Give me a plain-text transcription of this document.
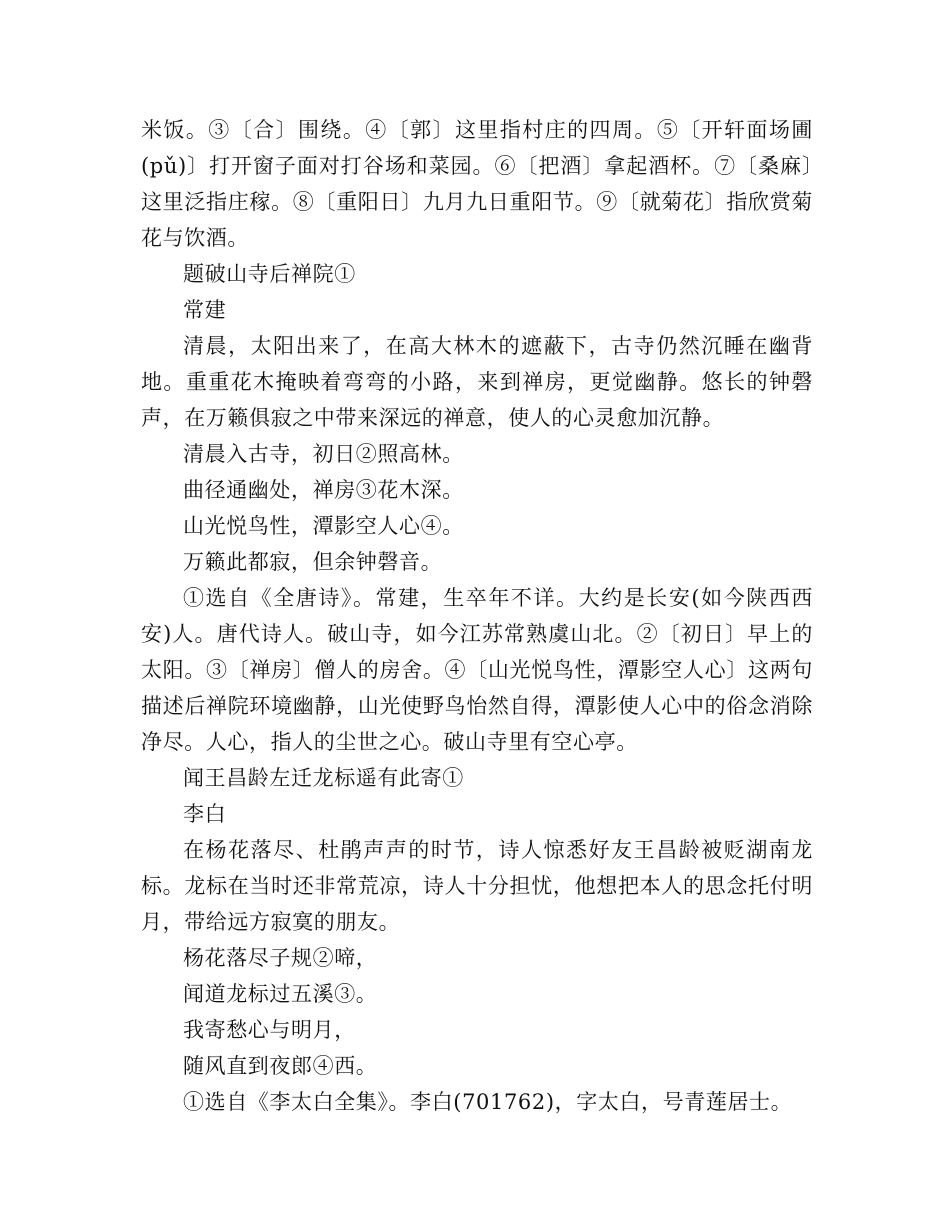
米饭。③〔合〕围绕。④〔郭〕这里指村庄的四周。⑤〔开轩面场圃(pǔ)〕打开窗子面对打谷场和菜园。⑥〔把酒〕拿起酒杯。⑦〔桑麻〕这里泛指庄稼。⑧〔重阳日〕九月九日重阳节。⑨〔就菊花〕指欣赏菊花与饮酒。

题破山寺后禅院①

常建

清晨，太阳出来了，在高大林木的遮蔽下，古寺仍然沉睡在幽背地。重重花木掩映着弯弯的小路，来到禅房，更觉幽静。悠长的钟磬声，在万籁俱寂之中带来深远的禅意，使人的心灵愈加沉静。

清晨入古寺，初日②照高林。

曲径通幽处，禅房③花木深。

山光悦鸟性，潭影空人心④。

万籁此都寂，但余钟磬音。

①选自《全唐诗》。常建，生卒年不详。大约是长安(如今陕西西安)人。唐代诗人。破山寺，如今江苏常熟虞山北。②〔初日〕早上的太阳。③〔禅房〕僧人的房舍。④〔山光悦鸟性，潭影空人心〕这两句描述后禅院环境幽静，山光使野鸟怡然自得，潭影使人心中的俗念消除净尽。人心，指人的尘世之心。破山寺里有空心亭。

闻王昌龄左迁龙标遥有此寄①

李白

在杨花落尽、杜鹃声声的时节，诗人惊悉好友王昌龄被贬湖南龙标。龙标在当时还非常荒凉，诗人十分担忧，他想把本人的思念托付明月，带给远方寂寞的朋友。

杨花落尽子规②啼，

闻道龙标过五溪③。

我寄愁心与明月，

随风直到夜郎④西。

①选自《李太白全集》。李白(701762)，字太白，号青莲居士。
